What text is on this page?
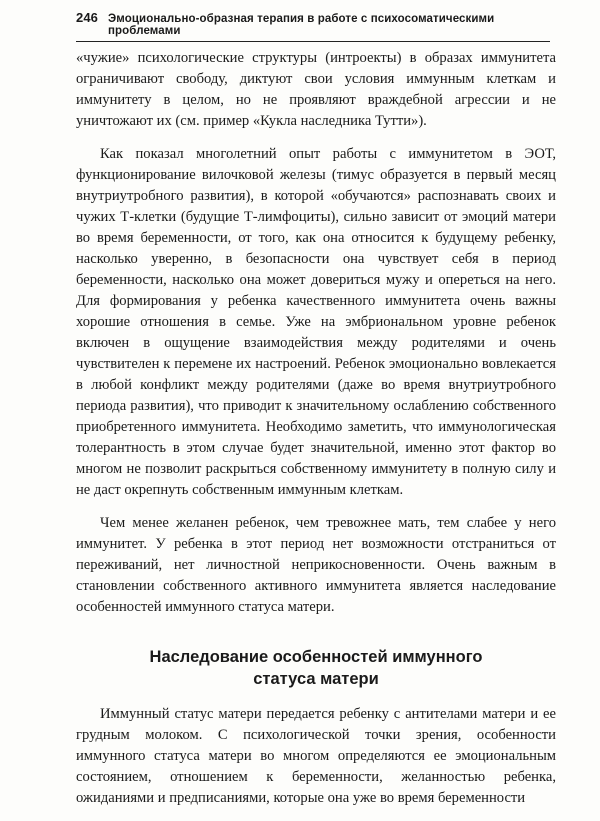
246 Эмоционально-образная терапия в работе с психосоматическими проблемами

«чужие» психологические структуры (интроекты) в образах иммунитета ограничивают свободу, диктуют свои условия иммунным клеткам и иммунитету в целом, но не проявляют враждебной агрессии и не уничтожают их (см. пример «Кукла наследника Тутти»).

Как показал многолетний опыт работы с иммунитетом в ЭОТ, функционирование вилочковой железы (тимус образуется в первый месяц внутриутробного развития), в которой «обучаются» распознавать своих и чужих Т-клетки (будущие Т-лимфоциты), сильно зависит от эмоций матери во время беременности, от того, как она относится к будущему ребенку, насколько уверенно, в безопасности она чувствует себя в период беременности, насколько она может довериться мужу и опереться на него. Для формирования у ребенка качественного иммунитета очень важны хорошие отношения в семье. Уже на эмбриональном уровне ребенок включен в ощущение взаимодействия между родителями и очень чувствителен к перемене их настроений. Ребенок эмоционально вовлекается в любой конфликт между родителями (даже во время внутриутробного периода развития), что приводит к значительному ослаблению собственного приобретенного иммунитета. Необходимо заметить, что иммунологическая толерантность в этом случае будет значительной, именно этот фактор во многом не позволит раскрыться собственному иммунитету в полную силу и не даст окрепнуть собственным иммунным клеткам.

Чем менее желанен ребенок, чем тревожнее мать, тем слабее у него иммунитет. У ребенка в этот период нет возможности отстраниться от переживаний, нет личностной неприкосновенности. Очень важным в становлении собственного активного иммунитета является наследование особенностей иммунного статуса матери.

Наследование особенностей иммунного
статуса матери

Иммунный статус матери передается ребенку с антителами матери и ее грудным молоком. С психологической точки зрения, особенности иммунного статуса матери во многом определяются ее эмоциональным состоянием, отношением к беременности, желанностью ребенка, ожиданиями и предписаниями, которые она уже во время беременности
